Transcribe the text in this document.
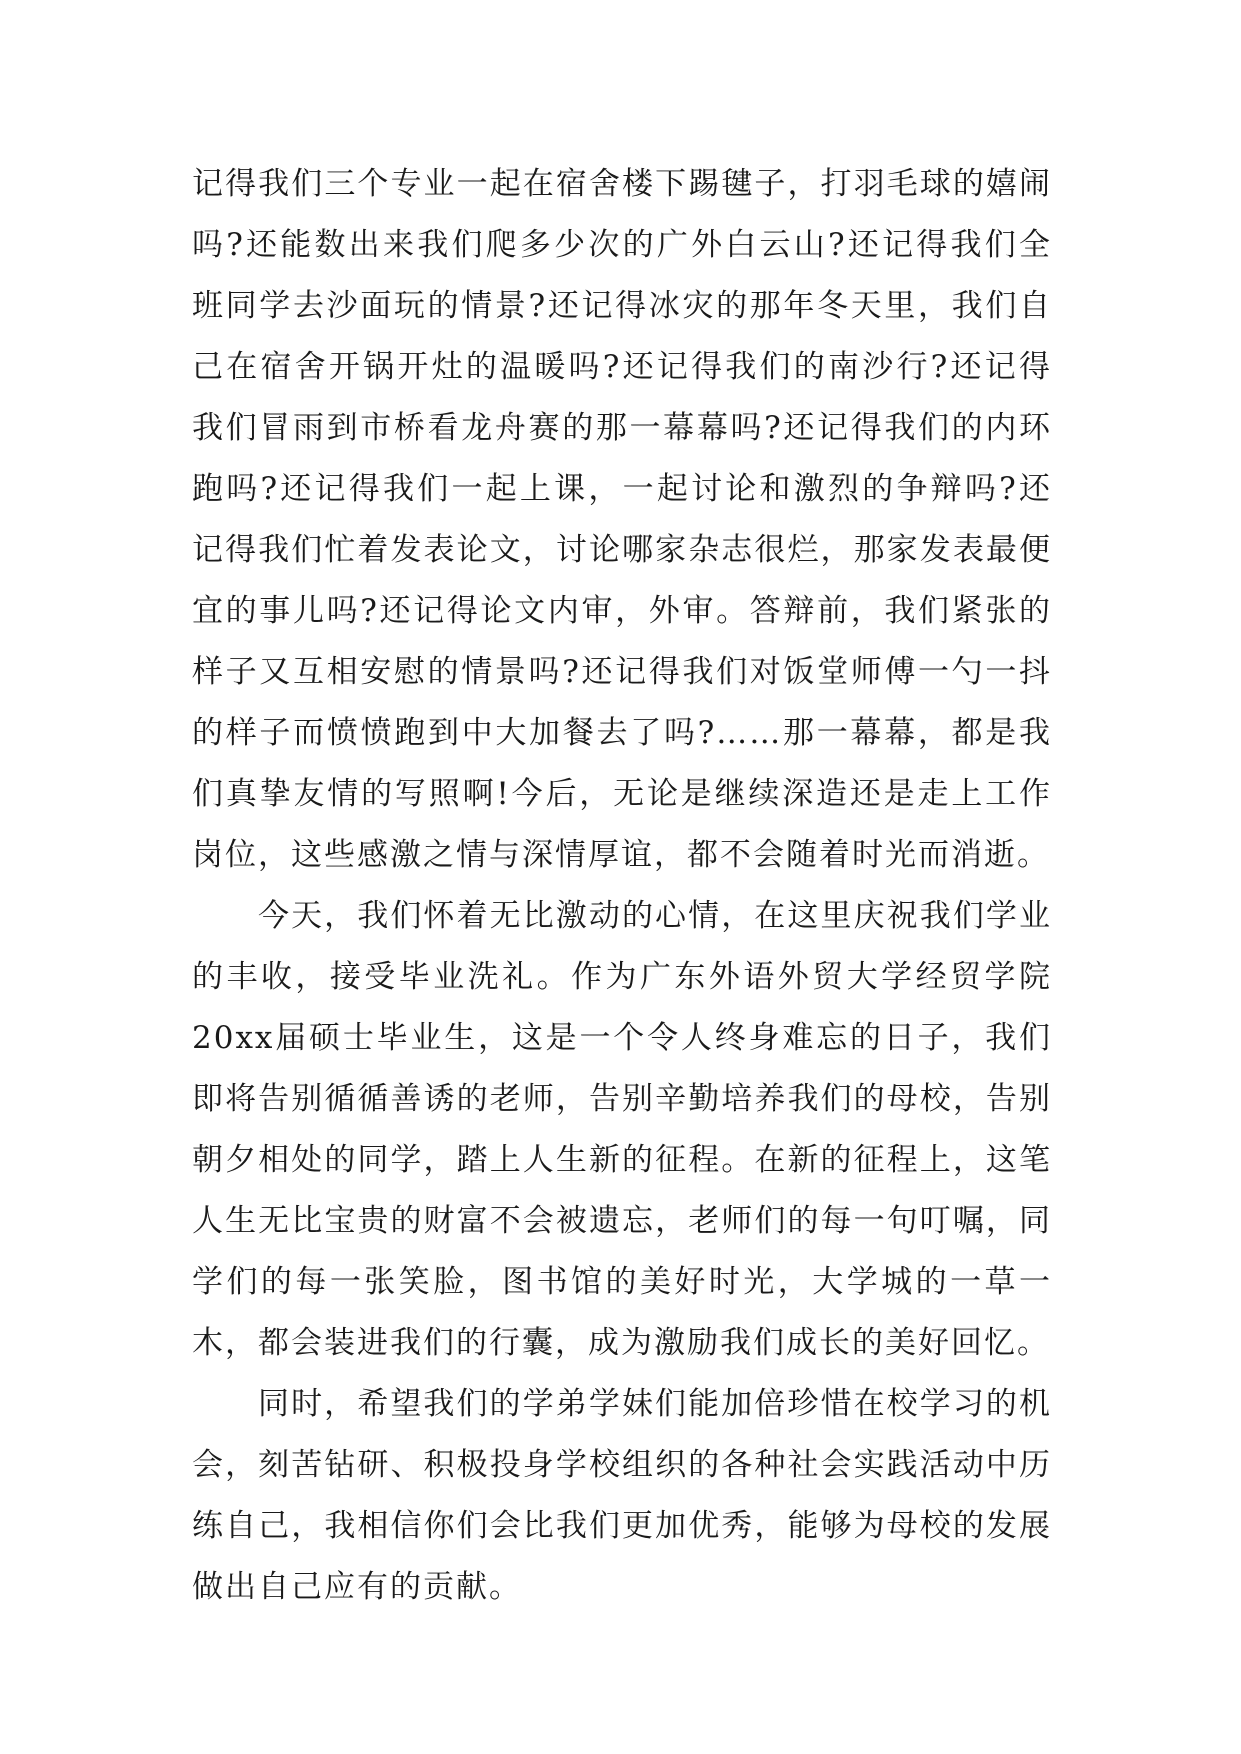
记得我们三个专业一起在宿舍楼下踢毽子，打羽毛球的嬉闹吗?还能数出来我们爬多少次的广外白云山?还记得我们全班同学去沙面玩的情景?还记得冰灾的那年冬天里，我们自己在宿舍开锅开灶的温暖吗?还记得我们的南沙行?还记得我们冒雨到市桥看龙舟赛的那一幕幕吗?还记得我们的内环跑吗?还记得我们一起上课，一起讨论和激烈的争辩吗?还记得我们忙着发表论文，讨论哪家杂志很烂，那家发表最便宜的事儿吗?还记得论文内审，外审。答辩前，我们紧张的样子又互相安慰的情景吗?还记得我们对饭堂师傅一勺一抖的样子而愤愤跑到中大加餐去了吗?……那一幕幕，都是我们真挚友情的写照啊!今后，无论是继续深造还是走上工作岗位，这些感激之情与深情厚谊，都不会随着时光而消逝。

今天，我们怀着无比激动的心情，在这里庆祝我们学业的丰收，接受毕业洗礼。作为广东外语外贸大学经贸学院20xx届硕士毕业生，这是一个令人终身难忘的日子，我们即将告别循循善诱的老师，告别辛勤培养我们的母校，告别朝夕相处的同学，踏上人生新的征程。在新的征程上，这笔人生无比宝贵的财富不会被遗忘，老师们的每一句叮嘱，同学们的每一张笑脸，图书馆的美好时光，大学城的一草一木，都会装进我们的行囊，成为激励我们成长的美好回忆。

同时，希望我们的学弟学妹们能加倍珍惜在校学习的机会，刻苦钻研、积极投身学校组织的各种社会实践活动中历练自己，我相信你们会比我们更加优秀，能够为母校的发展做出自己应有的贡献。
